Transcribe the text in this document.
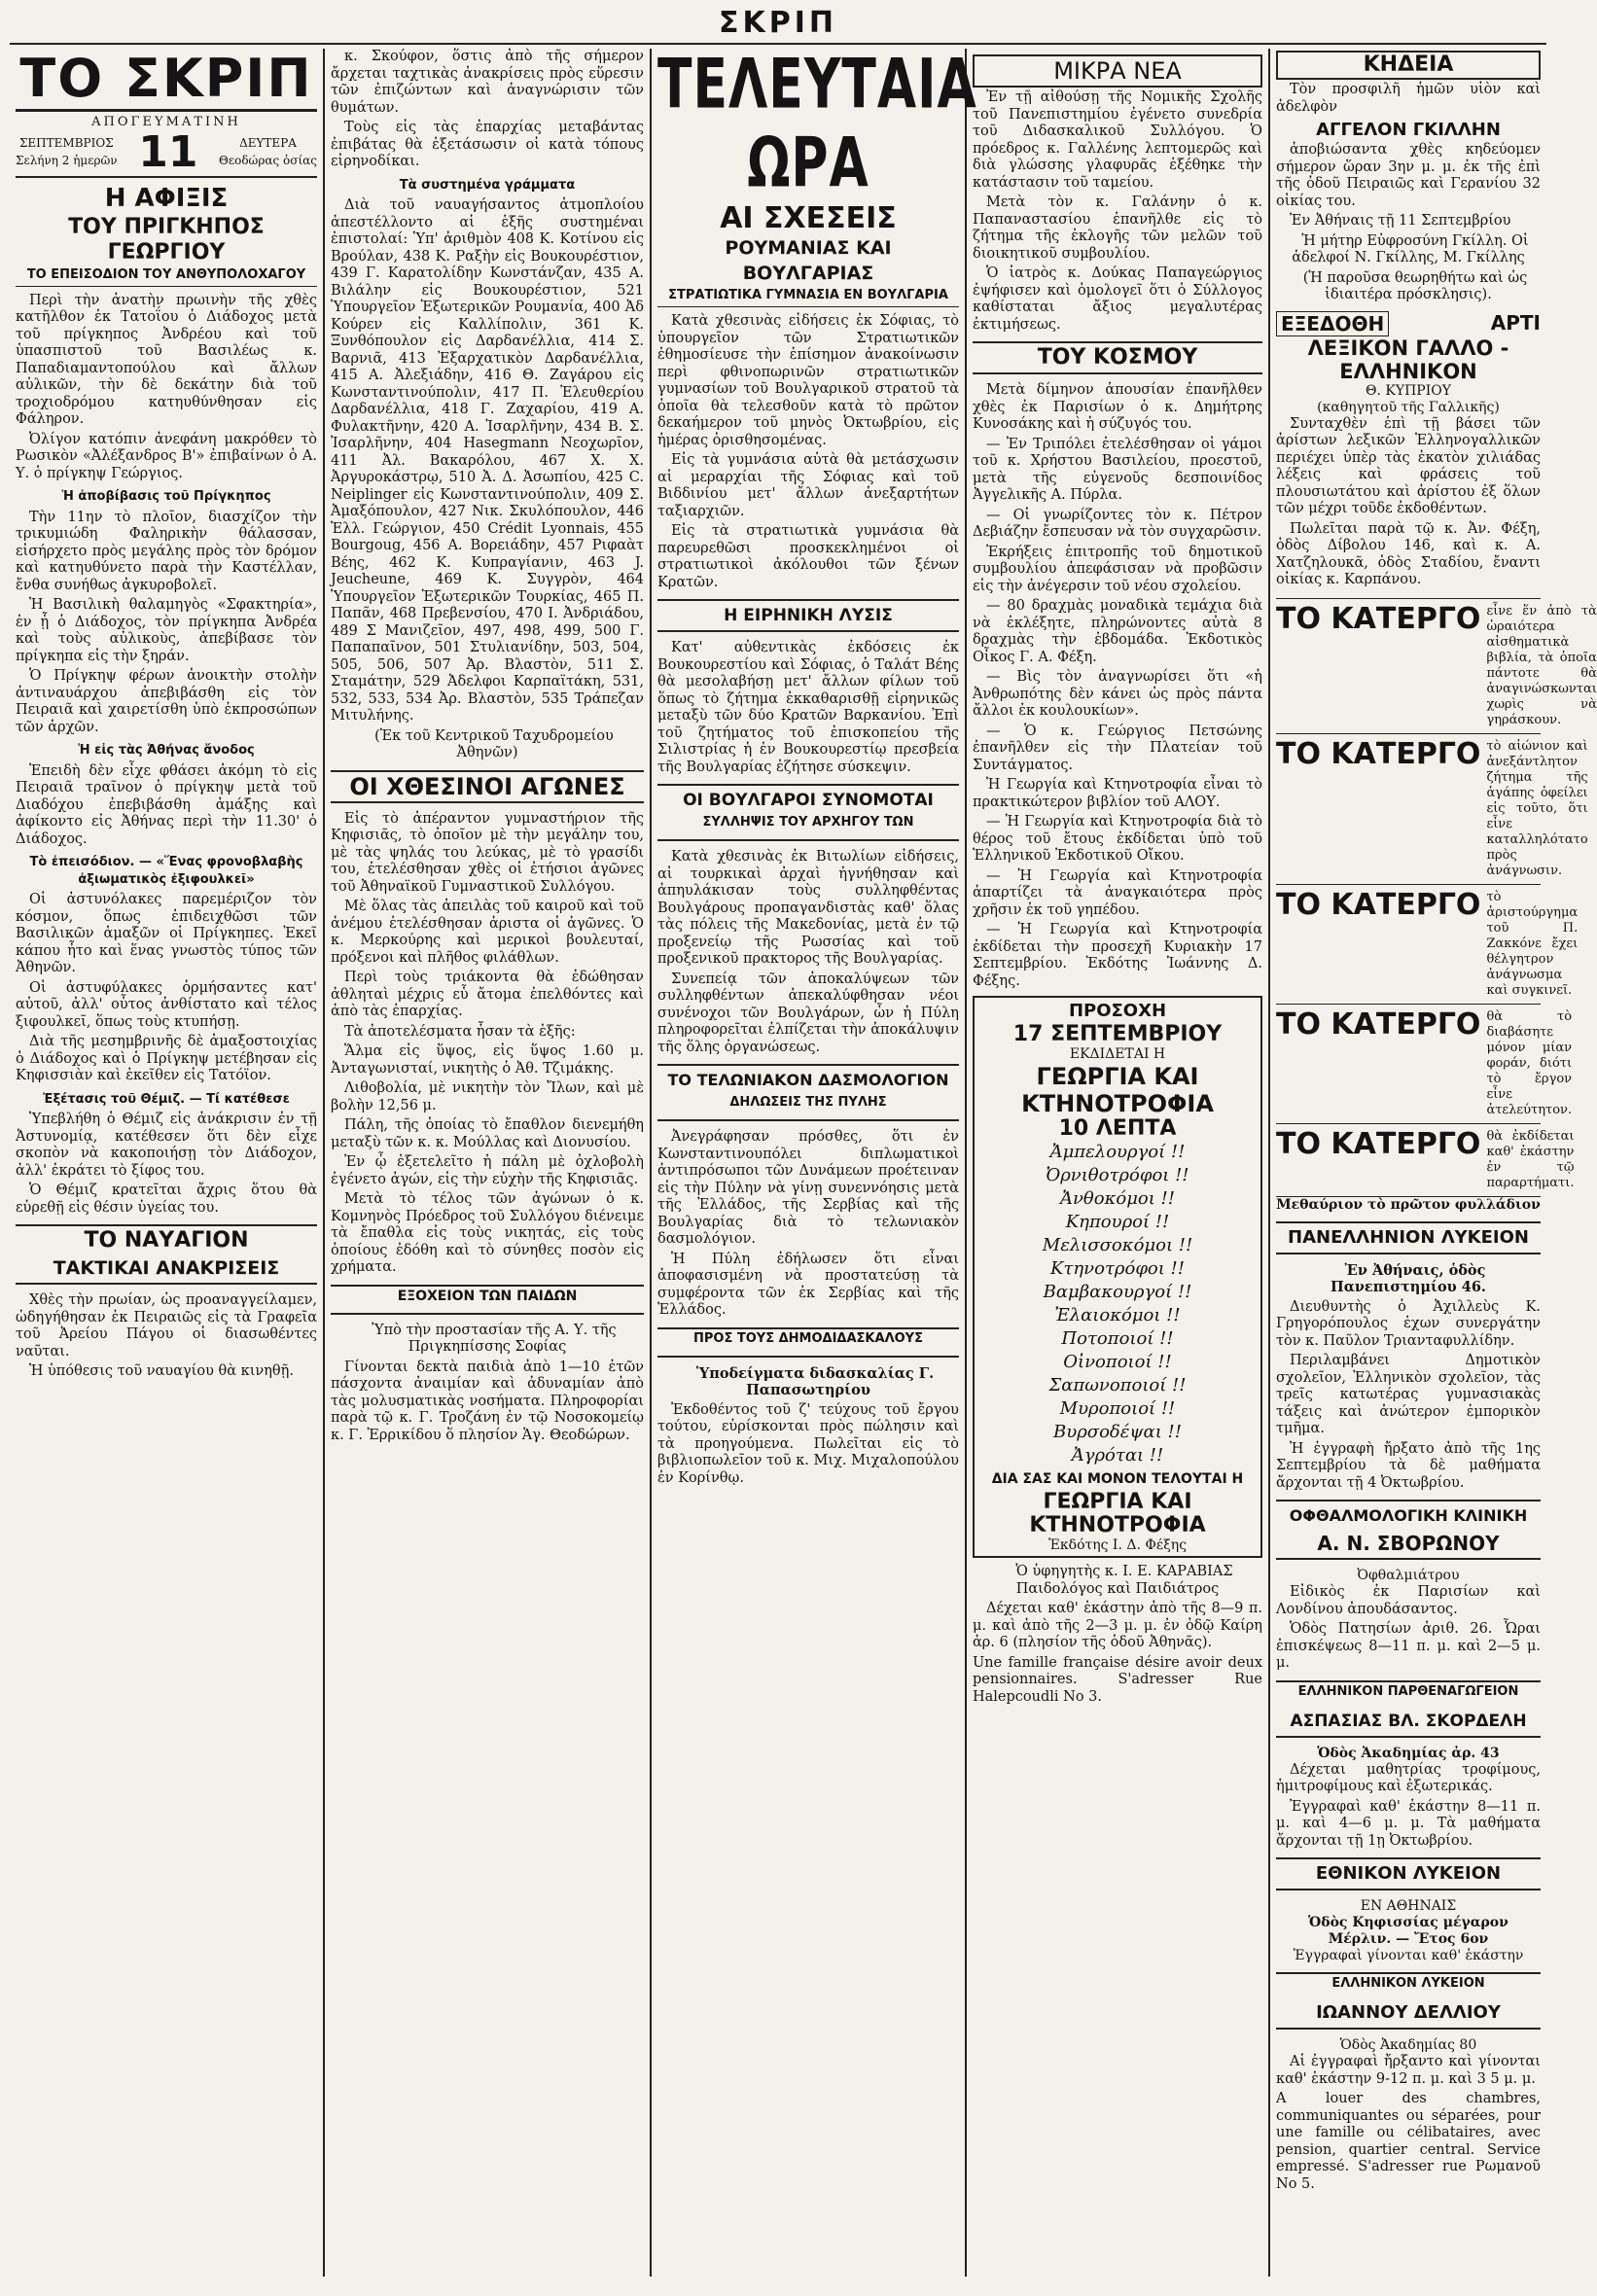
ΣΚΡΙΠ
ΤΟ ΣΚΡΙΠ
ΑΠΟΓΕΥΜΑΤΙΝΗ
ΣΕΠΤΕΜΒΡΙΟΣ
Σελήνη 2 ἡμερῶν 11	ΔΕΥΤΕΡΑ
Θεοδώρας ὁσίας
Η ΑΦΙΞΙΣ
ΤΟΥ ΠΡΙΓΚΗΠΟΣ ΓΕΩΡΓΙΟΥ
ΤΟ ΕΠΕΙΣΟΔΙΟΝ ΤΟΥ ΑΝΘΥΠΟΛΟΧΑΓΟΥ

Περὶ τὴν ἀνατὴν πρωινὴν τῆς χθὲς κατῆλθον ἐκ Τατοΐου ὁ Διάδοχος μετὰ τοῦ πρίγκηπος Ἀνδρέου καὶ τοῦ ὑπασπιστοῦ τοῦ Βασιλέως κ. Παπαδιαμαντοπούλου καὶ ἄλλων αὐλικῶν, τὴν δὲ δεκάτην διὰ τοῦ τροχιοδρόμου κατηυθύνθησαν εἰς Φάληρον.

Ὀλίγον κατόπιν ἀνεφάνη μακρόθεν τὸ Ρωσικὸν «Ἀλέξανδρος Β'» ἐπιβαίνων ὁ Α. Υ. ὁ πρίγκηψ Γεώργιος.

Ἡ ἀποβίβασις τοῦ Πρίγκηπος

Τὴν 11ην τὸ πλοῖον, διασχίζον τὴν τρικυμιώδη Φαληρικὴν θάλασσαν, εἰσήρχετο πρὸς μεγάλης πρὸς τὸν δρόμον καὶ κατηυθύνετο παρὰ τὴν Καστέλλαν, ἔνθα συνήθως ἀγκυροβολεῖ.

Ἡ Βασιλικὴ θαλαμηγὸς «Σφακτηρία», ἐν ᾗ ὁ Διάδοχος, τὸν πρίγκηπα Ἀνδρέα καὶ τοὺς αὐλικοὺς, ἀπεβίβασε τὸν πρίγκηπα εἰς τὴν ξηράν.

Ὁ Πρίγκηψ φέρων ἀνοικτὴν στολὴν ἀντιναυάρχου ἀπεβιβάσθη εἰς τὸν Πειραιᾶ καὶ χαιρετίσθη ὑπὸ ἐκπροσώπων τῶν ἀρχῶν.

Ἡ εἰς τὰς Ἀθήνας ἄνοδος

Ἐπειδὴ δὲν εἶχε φθάσει ἀκόμη τὸ εἰς Πειραιᾶ τραῖνον ὁ πρίγκηψ μετὰ τοῦ Διαδόχου ἐπεβιβάσθη ἁμάξης καὶ ἀφίκοντο εἰς Ἀθήνας περὶ τὴν 11.30' ὁ Διάδοχος.

Τὸ ἐπεισόδιον. — «Ἕνας φρονοβλαβὴς ἀξιωματικὸς ἐξιφουλκεῖ»

Οἱ ἀστυνόλακες παρεμέριζον τὸν κόσμον, ὅπως ἐπιδειχθῶσι τῶν Βασιλικῶν ἁμαξῶν οἱ Πρίγκηπες. Ἐκεῖ κάπου ἦτο καὶ ἕνας γνωστὸς τύπος τῶν Ἀθηνῶν.

Οἱ ἀστυφύλακες ὁρμήσαντες κατ' αὐτοῦ, ἀλλ' οὗτος ἀνθίστατο καὶ τέλος ξιφουλκεῖ, ὅπως τοὺς κτυπήσῃ.

Διὰ τῆς μεσημβρινῆς δὲ ἁμαξοστοιχίας ὁ Διάδοχος καὶ ὁ Πρίγκηψ μετέβησαν εἰς Κηφισσιὰν καὶ ἐκεῖθεν εἰς Τατόϊον.

Ἐξέτασις τοῦ Θέμιζ. — Τί κατέθεσε

Ὑπεβλήθη ὁ Θέμιζ εἰς ἀνάκρισιν ἐν τῇ Ἀστυνομίᾳ, κατέθεσεν ὅτι δὲν εἶχε σκοπὸν νὰ κακοποιήσῃ τὸν Διάδοχον, ἀλλ' ἐκράτει τὸ ξίφος του.

Ὁ Θέμιζ κρατεῖται ἄχρις ὅτου θὰ εὑρεθῇ εἰς θέσιν ὑγείας του.

ΤΟ ΝΑΥΑΓΙΟΝ
ΤΑΚΤΙΚΑΙ ΑΝΑΚΡΙΣΕΙΣ

Χθὲς τὴν πρωίαν, ὡς προαναγγείλαμεν, ὡδηγήθησαν ἐκ Πειραιῶς εἰς τὰ Γραφεῖα τοῦ Ἀρείου Πάγου οἱ διασωθέντες ναῦται.

Ἡ ὑπόθεσις τοῦ ναυαγίου θὰ κινηθῇ.

κ. Σκούφον, ὅστις ἀπὸ τῆς σήμερον ἄρχεται ταχτικὰς ἀνακρίσεις πρὸς εὕρεσιν τῶν ἐπιζώντων καὶ ἀναγνώρισιν τῶν θυμάτων.

Τοὺς εἰς τὰς ἐπαρχίας μεταβάντας ἐπιβάτας θὰ ἐξετάσωσιν οἱ κατὰ τόπους εἰρηνοδίκαι.

Τὰ συστημένα γράμματα

Διὰ τοῦ ναυαγήσαντος ἀτμοπλοίου ἀπεστέλλοντο αἱ ἑξῆς συστημέναι ἐπιστολαί: Ὑπ' ἀριθμὸν 408 Κ. Κοτίνου εἰς Βρούλαν, 438 Κ. Ραξὴν εἰς Βουκουρέστιον, 439 Γ. Καρατολίδην Κωνστάνζαν, 435 Α. Βιλάλην εἰς Βουκουρέστιον, 521 Ὑπουργεῖον Ἐξωτερικῶν Ρουμανία, 400 Ἀδ Κούρεν εἰς Καλλίπολιν, 361 Κ. Ξυνθόπουλον εἰς Δαρδανέλλια, 414 Σ. Βαρνιᾶ, 413 Ἐξαρχατικὸν Δαρδανέλλια, 415 Α. Ἀλεξιάδην, 416 Θ. Ζαγάρου εἰς Κωνσταντινούπολιν, 417 Π. Ἐλευθερίου Δαρδανέλλια, 418 Γ. Ζαχαρίου, 419 Α. Φυλακτῆνην, 420 Α. Ἰσαρλῆνην, 434 Β. Σ. Ἰσαρλῆνην, 404 Hasegmann Νεοχωρῖον, 411 Ἀλ. Βακαρόλου, 467 Χ. Χ. Ἀργυροκάστρῳ, 510 Ἀ. Δ. Ἀσωπίου, 425 C. Neiplinger εἰς Κωνσταντινούπολιν, 409 Σ. Ἀμαξόπουλον, 427 Νικ. Σκυλόπουλον, 446 Ἑλλ. Γεώργιον, 450 Crédit Lyonnais, 455 Bourgoug, 456 Α. Βορειάδην, 457 Ριφαὰτ Βέης, 462 Κ. Κυπραγίανιν, 463 J. Jeucheune, 469 Κ. Συγγρὸν, 464 Ὑπουργεῖον Ἐξωτερικῶν Τουρκίας, 465 Π. Παπᾶν, 468 Πρεβενσίου, 470 Ι. Ἀνδριάδου, 489 Σ Μανιζεῖον, 497, 498, 499, 500 Γ. Παπαπαῖνον, 501 Στυλιανίδην, 503, 504, 505, 506, 507 Ἀρ. Βλαστὸν, 511 Σ. Σταμάτην, 529 Ἀδελφοι Καρπαϊτάκη, 531, 532, 533, 534 Ἀρ. Βλαστὸν, 535 Τράπεζαν Μιτυλήνης.

(Ἐκ τοῦ Κεντρικοῦ Ταχυδρομείου Ἀθηνῶν)

ΟΙ ΧΘΕΣΙΝΟΙ ΑΓΩΝΕΣ

Εἰς τὸ ἀπέραντον γυμναστήριον τῆς Κηφισιᾶς, τὸ ὁποῖον μὲ τὴν μεγάλην του, μὲ τὰς ψηλάς του λεύκας, μὲ τὸ γρασίδι του, ἐτελέσθησαν χθὲς οἱ ἐτήσιοι ἀγῶνες τοῦ Ἀθηναϊκοῦ Γυμναστικοῦ Συλλόγου.

Μὲ ὅλας τὰς ἀπειλὰς τοῦ καιροῦ καὶ τοῦ ἀνέμου ἐτελέσθησαν ἀριστα οἱ ἀγῶνες. Ὁ κ. Μερκούρης καὶ μερικοὶ βουλευταί, πρόξενοι καὶ πλῆθος φιλάθλων.

Περὶ τοὺς τριάκοντα θὰ ἐδώθησαν ἀθληταὶ μέχρις εὗ ἄτομα ἐπελθόντες καὶ ἀπὸ τὰς ἐπαρχίας.

Τὰ ἀποτελέσματα ἦσαν τὰ ἑξῆς:

Ἅλμα εἰς ὕψος, εἰς ὕψος 1.60 μ. Ἀνταγωνισταί, νικητὴς ὁ Ἀθ. Τζιμάκης.

Λιθοβολία, μὲ νικητὴν τὸν Ἴλων, καὶ μὲ βολὴν 12,56 μ.

Πάλη, τῆς ὁποίας τὸ ἔπαθλον διενεμήθη μεταξὺ τῶν κ. κ. Μούλλας καὶ Διονυσίου.

Ἐν ᾧ ἐξετελεῖτο ἡ πάλη μὲ ὀχλοβολὴ ἐγένετο ἀγών, εἰς τὴν εὐχὴν τῆς Κηφισιᾶς.

Μετὰ τὸ τέλος τῶν ἀγώνων ὁ κ. Κομνηνὸς Πρόεδρος τοῦ Συλλόγου διένειμε τὰ ἔπαθλα εἰς τοὺς νικητάς, εἰς τοὺς ὁποίους ἐδόθη καὶ τὸ σύνηθες ποσὸν εἰς χρήματα.

ΕΞΟΧΕΙΟΝ ΤΩΝ ΠΑΙΔΩΝ

Ὑπὸ τὴν προστασίαν τῆς Α. Υ. τῆς Πριγκηπίσσης Σοφίας

Γίνονται δεκτὰ παιδιὰ ἀπὸ 1—10 ἐτῶν πάσχοντα ἀναιμίαν καὶ ἀδυναμίαν ἀπὸ τὰς μολυσματικὰς νοσήματα. Πληροφορίαι παρὰ τῷ κ. Γ. Τροζάνη ἐν τῷ Νοσοκομείῳ κ. Γ. Ἐρρικίδου ὅ πλησίον Ἁγ. Θεοδώρων.

ΤΕΛΕΥΤΑΙΑ ΩΡΑ
ΑΙ ΣΧΕΣΕΙΣ
ΡΟΥΜΑΝΙΑΣ ΚΑΙ ΒΟΥΛΓΑΡΙΑΣ
ΣΤΡΑΤΙΩΤΙΚΑ ΓΥΜΝΑΣΙΑ ΕΝ ΒΟΥΛΓΑΡΙΑ

Κατὰ χθεσινὰς εἰδήσεις ἐκ Σόφιας, τὸ ὑπουργεῖον τῶν Στρατιωτικῶν ἐθημοσίευσε τὴν ἐπίσημον ἀνακοίνωσιν περὶ φθινοπωρινῶν στρατιωτικῶν γυμνασίων τοῦ Βουλγαρικοῦ στρατοῦ τὰ ὁποῖα θὰ τελεσθοῦν κατὰ τὸ πρῶτον δεκαήμερον τοῦ μηνὸς Ὀκτωβρίου, εἰς ἡμέρας ὁρισθησομένας.

Εἰς τὰ γυμνάσια αὐτὰ θὰ μετάσχωσιν αἱ μεραρχίαι τῆς Σόφιας καὶ τοῦ Βιδδινίου μετ' ἄλλων ἀνεξαρτήτων ταξιαρχιῶν.

Εἰς τὰ στρατιωτικὰ γυμνάσια θὰ παρευρεθῶσι προσκεκλημένοι οἱ στρατιωτικοὶ ἀκόλουθοι τῶν ξένων Κρατῶν.

Η ΕΙΡΗΝΙΚΗ ΛΥΣΙΣ

Κατ' αὐθεντικὰς ἐκδόσεις ἐκ Βουκουρεστίου καὶ Σόφιας, ὁ Ταλάτ Βέης θὰ μεσολαβήσῃ μετ' ἄλλων φίλων τοῦ ὅπως τὸ ζήτημα ἐκκαθαρισθῇ εἰρηνικῶς μεταξὺ τῶν δύο Κρατῶν Βαρκανίου. Ἐπὶ τοῦ ζητήματος τοῦ ἐπισκοπείου τῆς Σιλιστρίας ἡ ἐν Βουκουρεστίῳ πρεσβεία τῆς Βουλγαρίας ἐζήτησε σύσκεψιν.

ΟΙ ΒΟΥΛΓΑΡΟΙ ΣΥΝΟΜΟΤΑΙ
ΣΥΛΛΗΨΙΣ ΤΟΥ ΑΡΧΗΓΟΥ ΤΩΝ

Κατὰ χθεσινὰς ἐκ Βιτωλίων εἰδήσεις, αἱ τουρκικαὶ ἀρχαὶ ἠγνήθησαν καὶ ἀπηυλάκισαν τοὺς συλληφθέντας Βουλγάρους προπαγανδιστὰς καθ' ὅλας τὰς πόλεις τῆς Μακεδονίας, μετὰ ἐν τῷ προξενείῳ τῆς Ρωσσίας καὶ τοῦ προξενικοῦ πρακτορος τῆς Βουλγαρίας.

Συνεπείᾳ τῶν ἀποκαλύψεων τῶν συλληφθέντων ἀπεκαλύφθησαν νέοι συνένοχοι τῶν Βουλγάρων, ὧν ἡ Πύλη πληροφορεῖται ἐλπίζεται τὴν ἀποκάλυψιν τῆς ὅλης ὀργανώσεως.

ΤΟ ΤΕΛΩΝΙΑΚΟΝ ΔΑΣΜΟΛΟΓΙΟΝ
ΔΗΛΩΣΕΙΣ ΤΗΣ ΠΥΛΗΣ

Ἀνεγράφησαν πρόσθες, ὅτι ἐν Κωνσταντινουπόλει διπλωματικοὶ ἀντιπρόσωποι τῶν Δυνάμεων προέτειναν εἰς τὴν Πύλην νὰ γίνῃ συνεννόησις μετὰ τῆς Ἑλλάδος, τῆς Σερβίας καὶ τῆς Βουλγαρίας διὰ τὸ τελωνιακὸν δασμολόγιον.

Ἡ Πύλη ἐδήλωσεν ὅτι εἶναι ἀποφασισμένη νὰ προστατεύσῃ τὰ συμφέροντα τῶν ἐκ Σερβίας καὶ τῆς Ἑλλάδος.

ΠΡΟΣ ΤΟΥΣ ΔΗΜΟΔΙΔΑΣΚΑΛΟΥΣ

Ὑποδείγματα διδασκαλίας Γ. Παπασωτηρίου

Ἐκδοθέντος τοῦ ζ' τεύχους τοῦ ἔργου τούτου, εὑρίσκονται πρὸς πώλησιν καὶ τὰ προηγούμενα. Πωλεῖται εἰς τὸ βιβλιοπωλεῖον τοῦ κ. Μιχ. Μιχαλοπούλου ἐν Κορίνθῳ.

ΜΙΚΡΑ ΝΕΑ

Ἐν τῇ αἰθούσῃ τῆς Νομικῆς Σχολῆς τοῦ Πανεπιστημίου ἐγένετο συνεδρία τοῦ Διδασκαλικοῦ Συλλόγου. Ὁ πρόεδρος κ. Γαλλένης λεπτομερῶς καὶ διὰ γλώσσης γλαφυρᾶς ἐξέθηκε τὴν κατάστασιν τοῦ ταμείου.

Μετὰ τὸν κ. Γαλάνην ὁ κ. Παπαναστασίου ἐπανῆλθε εἰς τὸ ζήτημα τῆς ἐκλογῆς τῶν μελῶν τοῦ διοικητικοῦ συμβουλίου.

Ὁ ἰατρὸς κ. Δούκας Παπαγεώργιος ἐψήφισεν καὶ ὁμολογεῖ ὅτι ὁ Σύλλογος καθίσταται ἄξιος μεγαλυτέρας ἐκτιμήσεως.

ΤΟΥ ΚΟΣΜΟΥ

Μετὰ δίμηνον ἀπουσίαν ἐπανῆλθεν χθὲς ἐκ Παρισίων ὁ κ. Δημήτρης Κυνοσάκης καὶ ἡ σύζυγός του.

— Ἐν Τριπόλει ἐτελέσθησαν οἱ γάμοι τοῦ κ. Χρήστου Βασιλείου, προεστοῦ, μετὰ τῆς εὐγενοῦς δεσποινίδος Ἀγγελικῆς Α. Πύρλα.

— Οἱ γνωρίζοντες τὸν κ. Πέτρον Δεβιάζην ἔσπευσαν νὰ τὸν συγχαρῶσιν.

Ἐκρήξεις ἐπιτροπῆς τοῦ δημοτικοῦ συμβουλίου ἀπεφάσισαν νὰ προβῶσιν εἰς τὴν ἀνέγερσιν τοῦ νέου σχολείου.

— 80 δραχμὰς μοναδικὰ τεμάχια διὰ νὰ ἐκλέξητε, πληρώνοντες αὐτὰ 8 δραχμὰς τὴν ἑβδομάδα. Ἐκδοτικὸς Οἶκος Γ. Α. Φέξη.

— Βὶς τὸν ἀναγνωρίσει ὅτι «ἡ Ἀνθρωπότης δὲν κάνει ὡς πρὸς πάντα ἄλλοι ἐκ κουλουκίων».

— Ὁ κ. Γεώργιος Πετσώνης ἐπανῆλθεν εἰς τὴν Πλατείαν τοῦ Συντάγματος.

Ἡ Γεωργία καὶ Κτηνοτροφία εἶναι τὸ πρακτικώτερον βιβλίον τοῦ ΑΛΟΥ.

— Ἡ Γεωργία καὶ Κτηνοτροφία διὰ τὸ θέρος τοῦ ἔτους ἐκδίδεται ὑπὸ τοῦ Ἑλληνικοῦ Ἐκδοτικοῦ Οἴκου.

— Ἡ Γεωργία καὶ Κτηνοτροφία ἀπαρτίζει τὰ ἀναγκαιότερα πρὸς χρῆσιν ἐκ τοῦ γηπέδου.

— Ἡ Γεωργία καὶ Κτηνοτροφία ἐκδίδεται τὴν προσεχῆ Κυριακὴν 17 Σεπτεμβρίου. Ἐκδότης Ἰωάννης Δ. Φέξης.

ΠΡΟΣΟΧΗ
17 ΣΕΠΤΕΜΒΡΙΟΥ
ΕΚΔΙΔΕΤΑΙ Η
ΓΕΩΡΓΙΑ ΚΑΙ ΚΤΗΝΟΤΡΟΦΙΑ
10 ΛΕΠΤΑ
Ἀμπελουργοί !!
Ὀρνιθοτρόφοι !!
Ἀνθοκόμοι !!
Κηπουροί !!
Μελισσοκόμοι !!
Κτηνοτρόφοι !!
Βαμβακουργοί !!
Ἐλαιοκόμοι !!
Ποτοποιοί !!
Οἰνοποιοί !!
Σαπωνοποιοί !!
Μυροποιοί !!
Βυρσοδέψαι !!
Ἀγρόται !!
ΔΙΑ ΣΑΣ ΚΑΙ ΜΟΝΟΝ ΤΕΛΟΥΤΑΙ Η
ΓΕΩΡΓΙΑ ΚΑΙ ΚΤΗΝΟΤΡΟΦΙΑ
Ἐκδότης Ι. Δ. Φέξης

Ὁ ὑφηγητὴς κ. Ι. Ε. ΚΑΡΑΒΙΑΣ Παιδολόγος καὶ Παιδιάτρος

Δέχεται καθ' ἑκάστην ἀπὸ τῆς 8—9 π. μ. καὶ ἀπὸ τῆς 2—3 μ. μ. ἐν ὁδῷ Καίρη ἀρ. 6 (πλησίον τῆς ὁδοῦ Ἀθηνᾶς).

Une famille française désire avoir deux pensionnaires. S'adresser Rue Halepcoudli No 3.

ΚΗΔΕΙΑ

Τὸν προσφιλῆ ἡμῶν υἱὸν καὶ ἀδελφὸν

ΑΓΓΕΛΟΝ ΓΚΙΛΛΗΝ

ἀποβιώσαντα χθὲς κηδεύομεν σήμερον ὥραν 3ην μ. μ. ἐκ τῆς ἐπὶ τῆς ὁδοῦ Πειραιῶς καὶ Γερανίου 32 οἰκίας του.

Ἐν Ἀθήναις τῇ 11 Σεπτεμβρίου

Ἡ μήτηρ Εὐφροσύνη Γκίλλη. Οἱ ἀδελφοί Ν. Γκίλλης, Μ. Γκίλλης

(Ἡ παροῦσα θεωρηθήτω καὶ ὡς ἰδιαιτέρα πρόσκλησις).

ΕΞΕΔΟΘΗ	ΑΡΤΙ
ΛΕΞΙΚΟΝ ΓΑΛΛΟ - ΕΛΛΗΝΙΚΟΝ
Θ. ΚΥΠΡΙΟΥ
(καθηγητοῦ τῆς Γαλλικῆς)

Συνταχθὲν ἐπὶ τῇ βάσει τῶν ἀρίστων λεξικῶν Ἑλληνογαλλικῶν περιέχει ὑπὲρ τὰς ἑκατὸν χιλιάδας λέξεις καὶ φράσεις τοῦ πλουσιωτάτου καὶ ἀρίστου ἐξ ὅλων τῶν μέχρι τοῦδε ἐκδοθέντων.

Πωλεῖται παρὰ τῷ κ. Ἀν. Φέξη, ὁδὸς Δίβολου 146, καὶ κ. Α. Χατζηλουκᾶ, ὁδὸς Σταδίου, ἔναντι οἰκίας κ. Καρπάνου.

ΤΟ ΚΑΤΕΡΓΟ εἶνε ἕν ἀπὸ τὰ ὡραιότερα αἰσθηματικὰ βιβλία, τὰ ὁποῖα πάντοτε θὰ ἀναγινώσκωνται χωρὶς νὰ γηράσκουν.
ΤΟ ΚΑΤΕΡΓΟ τὸ αἰώνιον καὶ ἀνεξάντλητον ζήτημα τῆς ἀγάπης ὀφείλει εἰς τοῦτο, ὅτι εἶνε καταλληλότατο πρὸς ἀνάγνωσιν.
ΤΟ ΚΑΤΕΡΓΟ τὸ ἀριστούργημα τοῦ Π. Ζακκόνε ἔχει θέλγητρον ἀνάγνωσμα καὶ συγκινεῖ.
ΤΟ ΚΑΤΕΡΓΟ θὰ τὸ διαβάσητε μόνον μίαν φοράν, διότι τὸ ἔργον εἶνε ἀτελεύτητον.
ΤΟ ΚΑΤΕΡΓΟ θὰ ἐκδίδεται καθ' ἑκάστην ἐν τῷ παραρτήματι.
Μεθαύριον τὸ πρῶτον φυλλάδιον
ΠΑΝΕΛΛΗΝΙΟΝ ΛΥΚΕΙΟΝ

Ἐν Ἀθήναις, ὁδὸς Πανεπιστημίου 46.

Διευθυντὴς ὁ Ἀχιλλεὺς Κ. Γρηγορόπουλος ἐχων συνεργάτην τὸν κ. Παῦλον Τριανταφυλλίδην.

Περιλαμβάνει Δημοτικὸν σχολεῖον, Ἑλληνικὸν σχολεῖον, τὰς τρεῖς κατωτέρας γυμνασιακὰς τάξεις καὶ ἀνώτερον ἐμπορικὸν τμῆμα.

Ἡ ἐγγραφὴ ἤρξατο ἀπὸ τῆς 1ης Σεπτεμβρίου τὰ δὲ μαθήματα ἄρχονται τῇ 4 Ὀκτωβρίου.

ΟΦΘΑΛΜΟΛΟΓΙΚΗ ΚΛΙΝΙΚΗ
Α. Ν. ΣΒΟΡΩΝΟΥ
Ὀφθαλμιάτρου

Εἰδικὸς ἐκ Παρισίων καὶ Λονδίνου ἀπουδάσαντος.

Ὁδὸς Πατησίων ἀριθ. 26. Ὧραι ἐπισκέψεως 8—11 π. μ. καὶ 2—5 μ. μ.

ΕΛΛΗΝΙΚΟΝ ΠΑΡΘΕΝΑΓΩΓΕΙΟΝ
ΑΣΠΑΣΙΑΣ ΒΛ. ΣΚΟΡΔΕΛΗ
Ὁδὸς Ἀκαδημίας ἀρ. 43

Δέχεται μαθητρίας τροφίμους, ἡμιτροφίμους καὶ ἐξωτερικάς.

Ἐγγραφαὶ καθ' ἑκάστην 8—11 π. μ. καὶ 4—6 μ. μ. Τὰ μαθήματα ἄρχονται τῇ 1ῃ Ὀκτωβρίου.

ΕΘΝΙΚΟΝ ΛΥΚΕΙΟΝ
ΕΝ ΑΘΗΝΑΙΣ
Ὁδὸς Κηφισσίας μέγαρον Μέρλιν. — Ἔτος 6ον
Ἐγγραφαὶ γίνονται καθ' ἑκάστην
ΕΛΛΗΝΙΚΟΝ ΛΥΚΕΙΟΝ
ΙΩΑΝΝΟΥ ΔΕΛΛΙΟΥ
Ὁδὸς Ἀκαδημίας 80

Αἱ ἐγγραφαὶ ἤρξαντο καὶ γίνονται καθ' ἑκάστην 9-12 π. μ. καὶ 3 5 μ. μ.

A louer des chambres, communiquantes ou séparées, pour une famille ou célibataires, avec pension, quartier central. Service empressé. S'adresser rue Ρωμανοῦ Νο 5.
